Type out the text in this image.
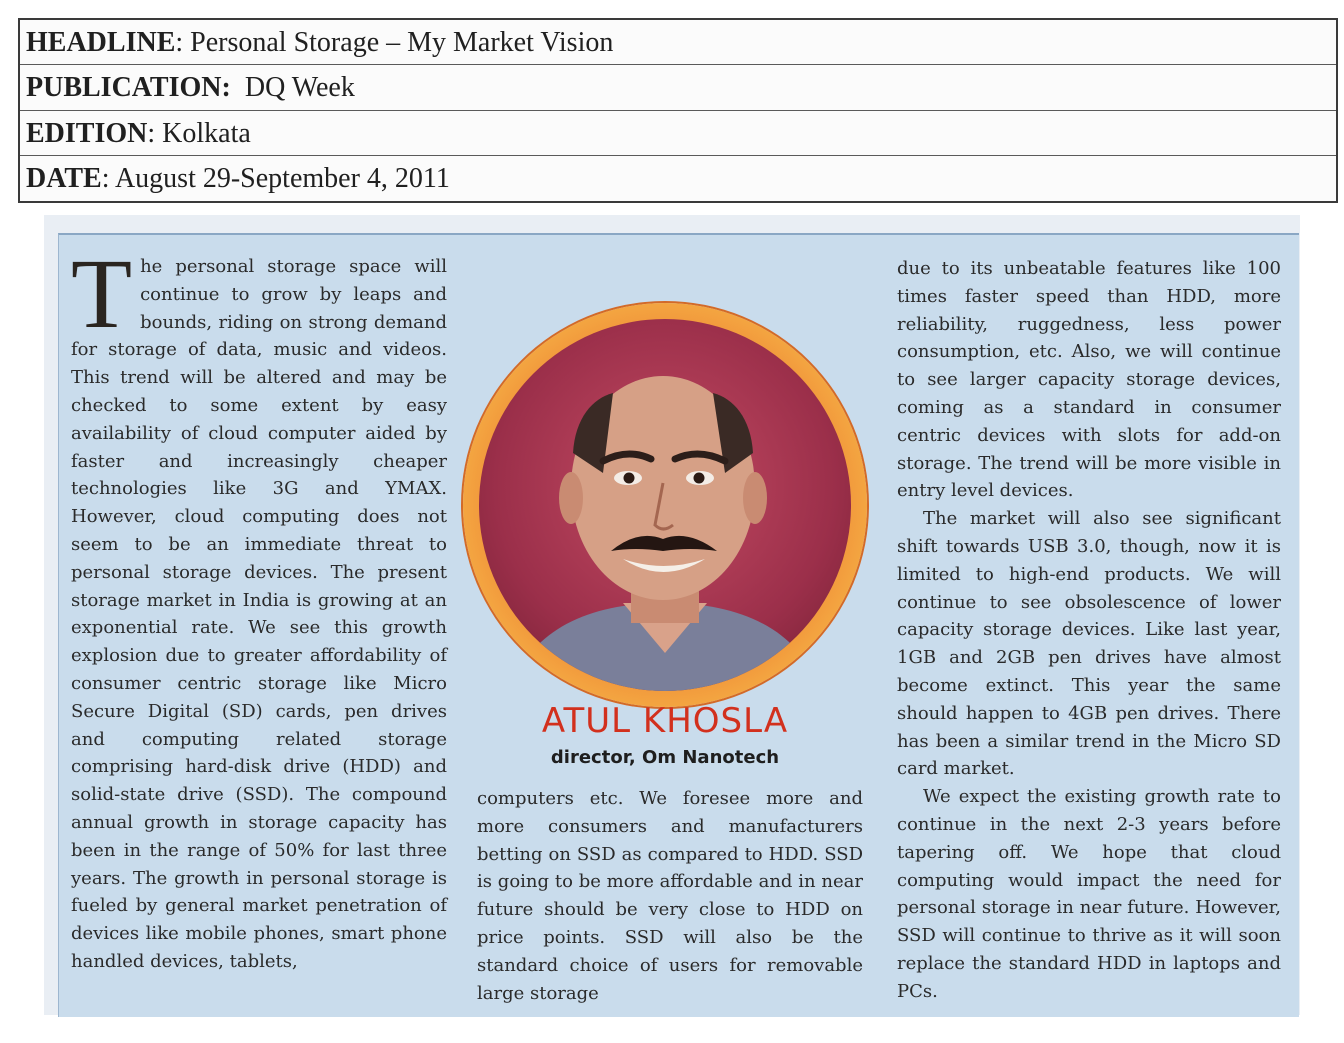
HEADLINE: Personal Storage – My Market Vision
PUBLICATION: DQ Week
EDITION: Kolkata
DATE: August 29-September 4, 2011

The personal storage space will continue to grow by leaps and bounds, riding on strong demand for storage of data, music and videos. This trend will be altered and may be checked to some extent by easy availability of cloud computer aided by faster and increasingly cheaper technologies like 3G and YMAX. However, cloud computing does not seem to be an immediate threat to personal storage devices. The present storage market in India is growing at an exponential rate. We see this growth explosion due to greater affordability of consumer centric storage like Micro Secure Digital (SD) cards, pen drives and computing related storage comprising hard-disk drive (HDD) and solid-state drive (SSD). The compound annual growth in storage capacity has been in the range of 50% for last three years. The growth in personal storage is fueled by general market penetration of devices like mobile phones, smart phone handled devices, tablets,

ATUL KHOSLA
director, Om Nanotech

computers etc. We foresee more and more consumers and manufacturers betting on SSD as compared to HDD. SSD is going to be more affordable and in near future should be very close to HDD on price points. SSD will also be the standard choice of users for removable large storage

due to its unbeatable features like 100 times faster speed than HDD, more reliability, ruggedness, less power consumption, etc. Also, we will continue to see larger capacity storage devices, coming as a standard in consumer centric devices with slots for add-on storage. The trend will be more visible in entry level devices.

The market will also see significant shift towards USB 3.0, though, now it is limited to high-end products. We will continue to see obsolescence of lower capacity storage devices. Like last year, 1GB and 2GB pen drives have almost become extinct. This year the same should happen to 4GB pen drives. There has been a similar trend in the Micro SD card market.

We expect the existing growth rate to continue in the next 2-3 years before tapering off. We hope that cloud computing would impact the need for personal storage in near future. However, SSD will continue to thrive as it will soon replace the standard HDD in laptops and PCs.
